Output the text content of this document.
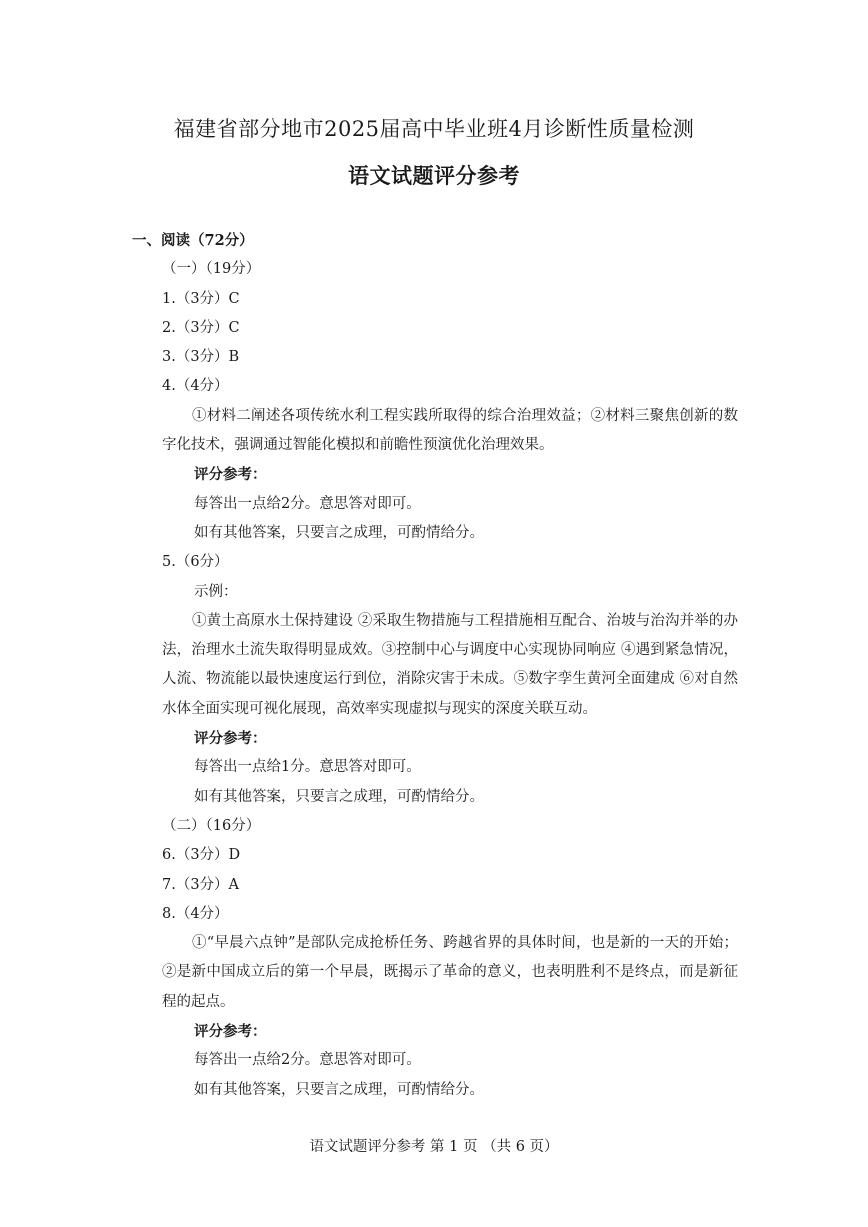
福建省部分地市2025届高中毕业班4月诊断性质量检测
语文试题评分参考
一、阅读（72分）
（一）（19分）
1.（3分）C
2.（3分）C
3.（3分）B
4.（4分）
①材料二阐述各项传统水利工程实践所取得的综合治理效益；②材料三聚焦创新的数字化技术，强调通过智能化模拟和前瞻性预演优化治理效果。
评分参考：
每答出一点给2分。意思答对即可。
如有其他答案，只要言之成理，可酌情给分。
5.（6分）
示例：
①黄土高原水土保持建设 ②采取生物措施与工程措施相互配合、治坡与治沟并举的办法，治理水土流失取得明显成效。③控制中心与调度中心实现协同响应 ④遇到紧急情况，人流、物流能以最快速度运行到位，消除灾害于未成。⑤数字孪生黄河全面建成 ⑥对自然水体全面实现可视化展现，高效率实现虚拟与现实的深度关联互动。
评分参考：
每答出一点给1分。意思答对即可。
如有其他答案，只要言之成理，可酌情给分。
（二）（16分）
6.（3分）D
7.（3分）A
8.（4分）
①“早晨六点钟”是部队完成抢桥任务、跨越省界的具体时间，也是新的一天的开始；②是新中国成立后的第一个早晨，既揭示了革命的意义，也表明胜利不是终点，而是新征程的起点。
评分参考：
每答出一点给2分。意思答对即可。
如有其他答案，只要言之成理，可酌情给分。
语文试题评分参考 第 1 页 （共 6 页）
